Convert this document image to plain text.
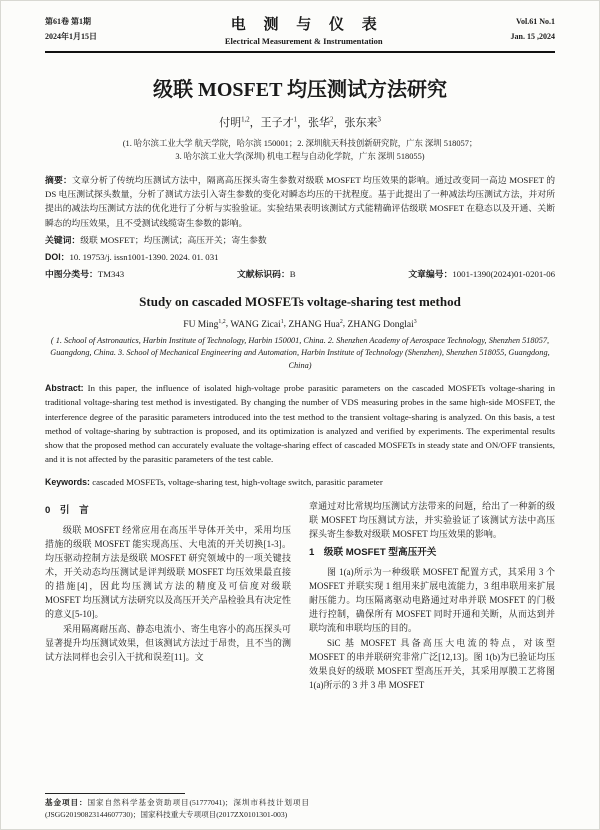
第61卷 第1期
2024年1月15日
电 测 与 仪 表
Electrical Measurement & Instrumentation
Vol.61 No.1
Jan. 15 ,2024
级联 MOSFET 均压测试方法研究
付明$^{1,2}$，王子才$^1$，张华$^2$，张东来$^3$
(1. 哈尔滨工业大学 航天学院，哈尔滨 150001；2. 深圳航天科技创新研究院，广东 深圳 518057；
3. 哈尔滨工业大学(深圳) 机电工程与自动化学院，广东 深圳 518055)
摘要：文章分析了传统均压测试方法中，隔离高压探头寄生参数对级联 MOSFET 均压效果的影响。通过改变同一高边 MOSFET 的 DS 电压测试探头数量，分析了测试方法引入寄生参数的变化对瞬态均压的干扰程度。基于此提出了一种减法均压测试方法，并对所提出的减法均压测试方法的优化进行了分析与实验验证。实验结果表明该测试方式能精确评估级联 MOSFET 在稳态以及开通、关断瞬态的均压效果，且不受测试线缆寄生参数的影响。
关键词：级联 MOSFET；均压测试；高压开关；寄生参数
DOI：10. 19753/j. issn1001-1390. 2024. 01. 031
中图分类号：TM343	文献标识码：B	文章编号：1001-1390(2024)01-0201-06
Study on cascaded MOSFETs voltage-sharing test method
FU Ming$^{1,2}$, WANG Zicai$^1$, ZHANG Hua$^2$, ZHANG Donglai$^3$
( 1. School of Astronautics, Harbin Institute of Technology, Harbin 150001, China. 2. Shenzhen Academy of Aerospace Technology, Shenzhen 518057, Guangdong, China. 3. School of Mechanical Engineering and Automation, Harbin Institute of Technology (Shenzhen), Shenzhen 518055, Guangdong, China)
Abstract: In this paper, the influence of isolated high-voltage probe parasitic parameters on the cascaded MOSFETs voltage-sharing in traditional voltage-sharing test method is investigated. By changing the number of VDS measuring probes in the same high-side MOSFET, the interference degree of the parasitic parameters introduced into the test method to the transient voltage-sharing is analyzed. On this basis, a test method of voltage-sharing by subtraction is proposed, and its optimization is analyzed and verified by experiments. The experimental results show that the proposed method can accurately evaluate the voltage-sharing effect of cascaded MOSFETs in steady state and ON/OFF transients, and it is not affected by the parasitic parameters of the test cable.
Keywords: cascaded MOSFETs, voltage-sharing test, high-voltage switch, parasitic parameter
0　引　言

级联 MOSFET 经常应用在高压半导体开关中，采用均压措施的级联 MOSFET 能实现高压、大电流的开关切换[1-3]。均压驱动控制方法是级联 MOSFET 研究领域中的一项关键技术，开关动态均压测试是评判级联 MOSFET 均压效果最直接的措施[4]，因此均压测试方法的精度及可信度对级联 MOSFET 均压测试方法研究以及高压开关产品检验具有决定性的意义[5-10]。

采用隔离耐压高、静态电流小、寄生电容小的高压探头可显著提升均压测试效果，但该测试方法过于昂贵，且不当的测试方法同样也会引入干扰和误差[11]。文

章通过对比常规均压测试方法带来的问题，给出了一种新的级联 MOSFET 均压测试方法，并实验验证了该测试方法中高压探头寄生参数对级联 MOSFET 均压效果的影响。

1　级联 MOSFET 型高压开关

图 1(a)所示为一种级联 MOSFET 配置方式，其采用 3 个 MOSFET 并联实现 1 组用来扩展电流能力，3 组串联用来扩展耐压能力。均压隔离驱动电路通过对串并联 MOSFET 的门极进行控制，确保所有 MOSFET 同时开通和关断，从而达到并联均流和串联均压的目的。

SiC 基 MOSFET 具备高压大电流的特点，对该型 MOSFET 的串并联研究非常广泛[12,13]。图 1(b)为已验证均压效果良好的级联 MOSFET 型高压开关，其采用厚膜工艺将图 1(a)所示的 3 并 3 串 MOSFET

基金项目：国家自然科学基金资助项目(51777041)；深圳市科技计划项目(JSGG20190823144607730)；国家科技重大专项项目(2017ZX0101301-003)
